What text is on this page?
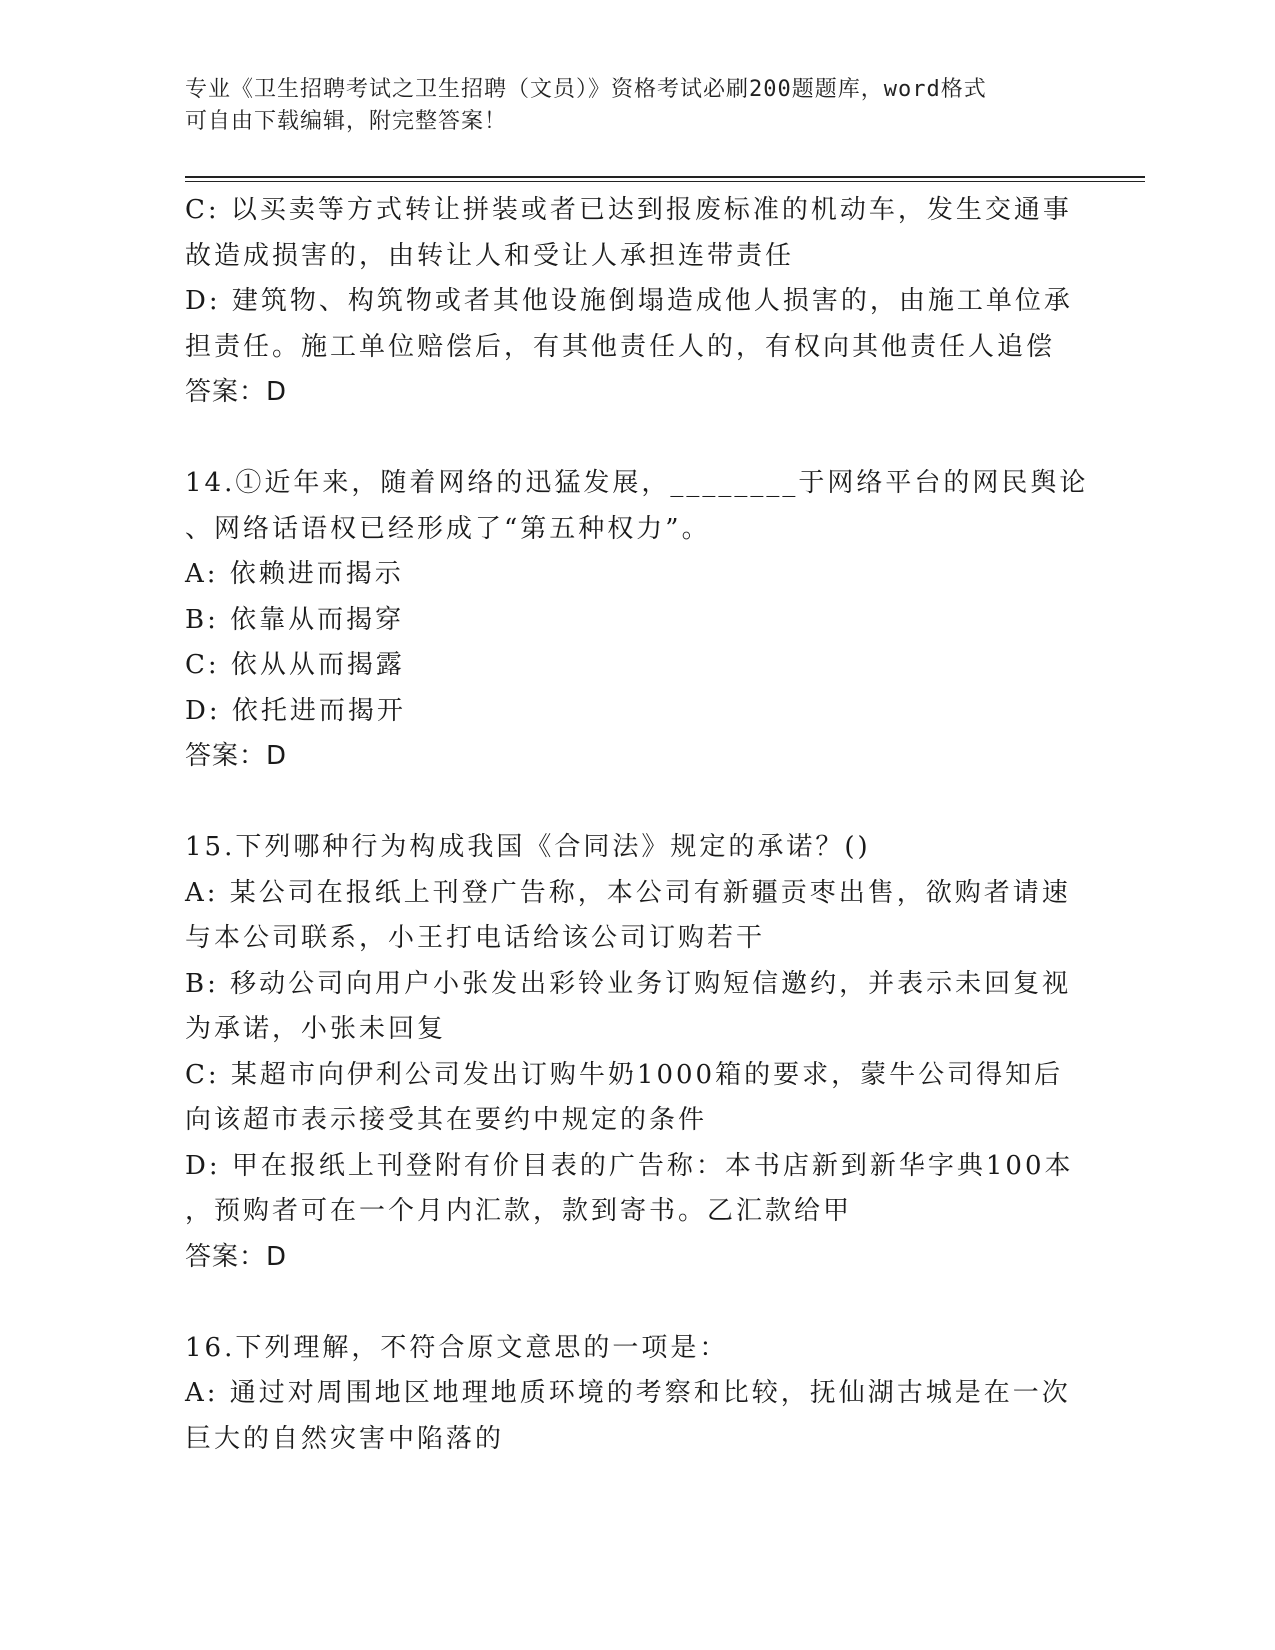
专业《卫生招聘考试之卫生招聘（文员）》资格考试必刷200题题库，word格式
可自由下载编辑，附完整答案！
C: 以买卖等方式转让拼装或者已达到报废标准的机动车，发生交通事
故造成损害的，由转让人和受让人承担连带责任
D: 建筑物、构筑物或者其他设施倒塌造成他人损害的，由施工单位承
担责任。施工单位赔偿后，有其他责任人的，有权向其他责任人追偿
答案：D
14.①近年来，随着网络的迅猛发展，________于网络平台的网民舆论
、网络话语权已经形成了“第五种权力”。
A: 依赖进而揭示
B: 依靠从而揭穿
C: 依从从而揭露
D: 依托进而揭开
答案：D
15.下列哪种行为构成我国《合同法》规定的承诺？()
A: 某公司在报纸上刊登广告称，本公司有新疆贡枣出售，欲购者请速
与本公司联系，小王打电话给该公司订购若干
B: 移动公司向用户小张发出彩铃业务订购短信邀约，并表示未回复视
为承诺，小张未回复
C: 某超市向伊利公司发出订购牛奶1000箱的要求，蒙牛公司得知后
向该超市表示接受其在要约中规定的条件
D: 甲在报纸上刊登附有价目表的广告称：本书店新到新华字典100本
，预购者可在一个月内汇款，款到寄书。乙汇款给甲
答案：D
16.下列理解，不符合原文意思的一项是：
A: 通过对周围地区地理地质环境的考察和比较，抚仙湖古城是在一次
巨大的自然灾害中陷落的
